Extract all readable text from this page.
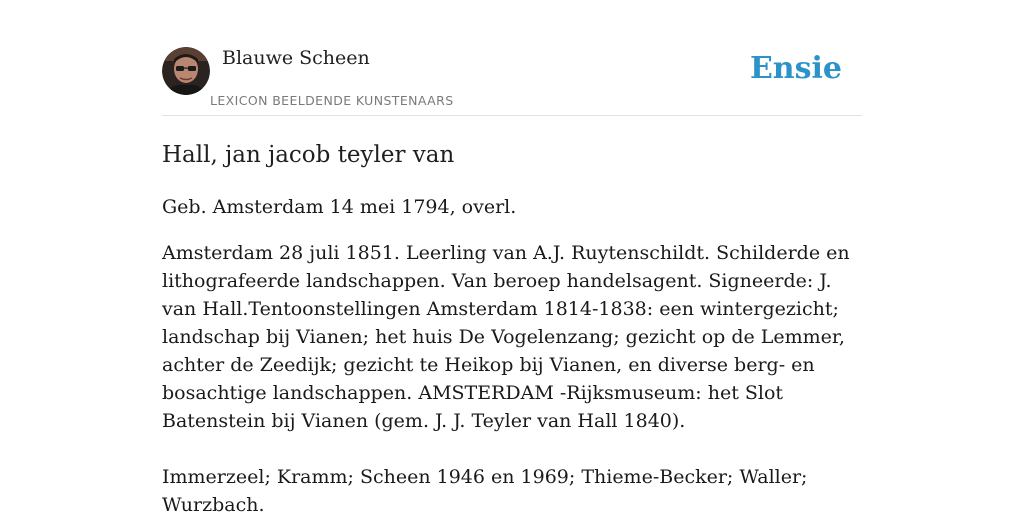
Blauwe Scheen
LEXICON BEELDENDE KUNSTENAARS
Ensie
Hall, jan jacob teyler van
Geb. Amsterdam 14 mei 1794, overl.

Amsterdam 28 juli 1851. Leerling van A.J. Ruytenschildt. Schilderde en lithografeerde landschappen. Van beroep handelsagent. Signeerde: J. van Hall.Tentoonstellingen Amsterdam 1814-1838: een wintergezicht; landschap bij Vianen; het huis De Vogelenzang; gezicht op de Lemmer, achter de Zeedijk; gezicht te Heikop bij Vianen, en diverse berg- en bosachtige landschappen. AMSTERDAM -Rijksmuseum: het Slot Batenstein bij Vianen (gem. J. J. Teyler van Hall 1840).

Immerzeel; Kramm; Scheen 1946 en 1969; Thieme-Becker; Waller; Wurzbach.
